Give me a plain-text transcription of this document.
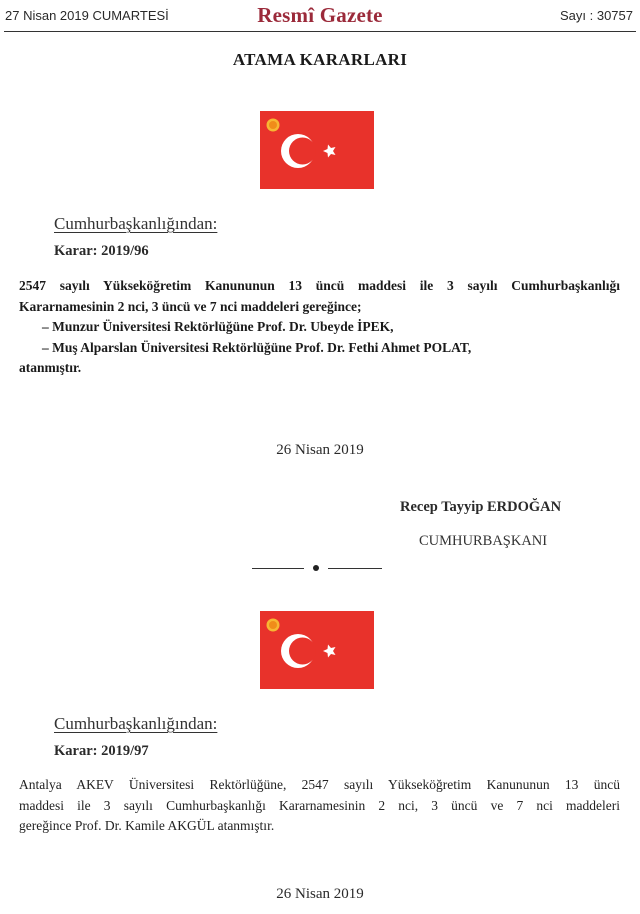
27 Nisan 2019 CUMARTESİ	Resmî Gazete	Sayı : 30757
ATAMA KARARLARI
Cumhurbaşkanlığından:
Karar: 2019/96
2547 sayılı Yükseköğretim Kanununun 13 üncü maddesi ile 3 sayılı Cumhurbaşkanlığı
Kararnamesinin 2 nci, 3 üncü ve 7 nci maddeleri gereğince;
– Munzur Üniversitesi Rektörlüğüne Prof. Dr. Ubeyde İPEK,
– Muş Alparslan Üniversitesi Rektörlüğüne Prof. Dr. Fethi Ahmet POLAT,
atanmıştır.
26 Nisan 2019
Recep Tayyip ERDOĞAN
CUMHURBAŞKANI
Cumhurbaşkanlığından:
Karar: 2019/97
Antalya AKEV Üniversitesi Rektörlüğüne, 2547 sayılı Yükseköğretim Kanununun 13 üncü
maddesi ile 3 sayılı Cumhurbaşkanlığı Kararnamesinin 2 nci, 3 üncü ve 7 nci maddeleri
gereğince Prof. Dr. Kamile AKGÜL atanmıştır.
26 Nisan 2019
